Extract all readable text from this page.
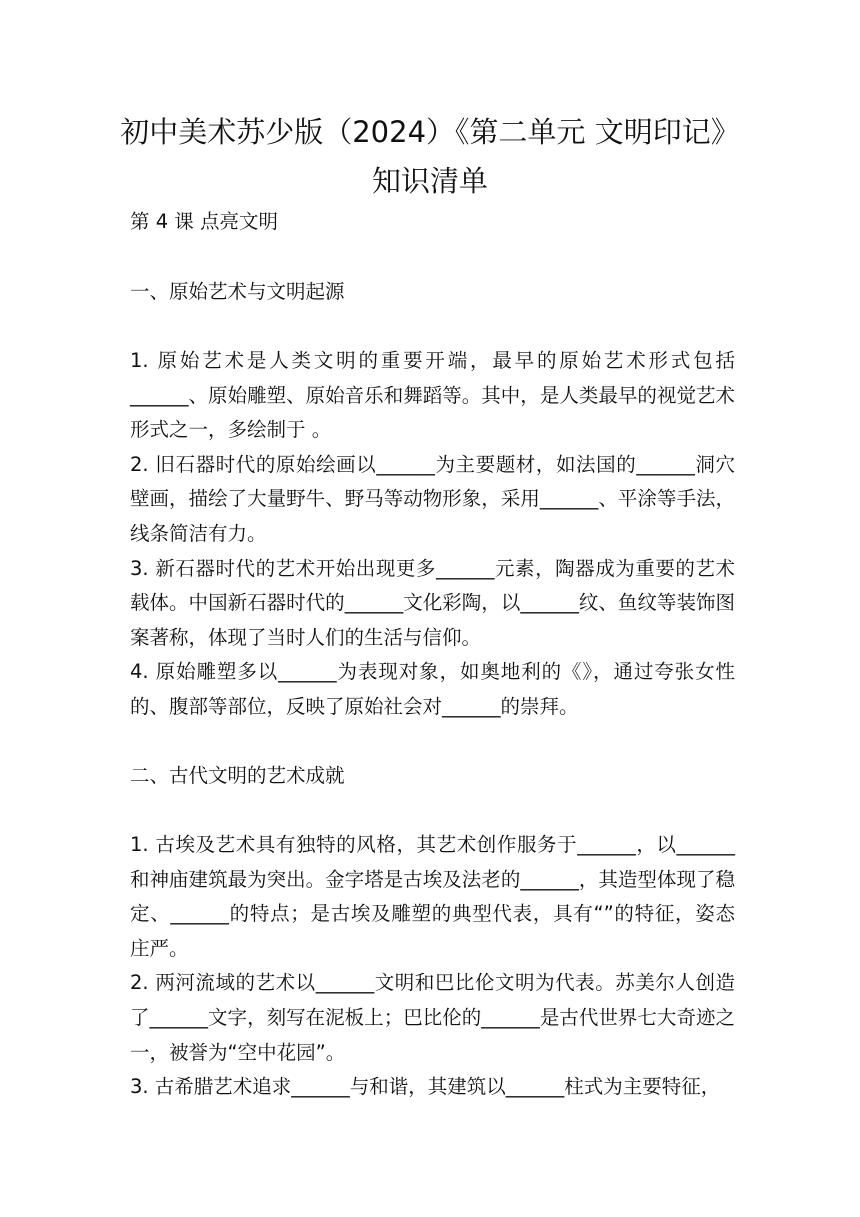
初中美术苏少版（2024）《第二单元 文明印记》
知识清单

第 4 课 点亮文明

一、原始艺术与文明起源

1. 原始艺术是人类文明的重要开端，最早的原始艺术形式包括______、原始雕塑、原始音乐和舞蹈等。其中，是人类最早的视觉艺术形式之一，多绘制于 。
2. 旧石器时代的原始绘画以______为主要题材，如法国的______洞穴壁画，描绘了大量野牛、野马等动物形象，采用______、平涂等手法，线条简洁有力。
3. 新石器时代的艺术开始出现更多______元素，陶器成为重要的艺术载体。中国新石器时代的______文化彩陶，以______纹、鱼纹等装饰图案著称，体现了当时人们的生活与信仰。
4. 原始雕塑多以______为表现对象，如奥地利的《》，通过夸张女性的、腹部等部位，反映了原始社会对______的崇拜。

二、古代文明的艺术成就

1. 古埃及艺术具有独特的风格，其艺术创作服务于______，以______和神庙建筑最为突出。金字塔是古埃及法老的______，其造型体现了稳定、______的特点；是古埃及雕塑的典型代表，具有“”的特征，姿态庄严。
2. 两河流域的艺术以______文明和巴比伦文明为代表。苏美尔人创造了______文字，刻写在泥板上；巴比伦的______是古代世界七大奇迹之一，被誉为“空中花园”。
3. 古希腊艺术追求______与和谐，其建筑以______柱式为主要特征，
